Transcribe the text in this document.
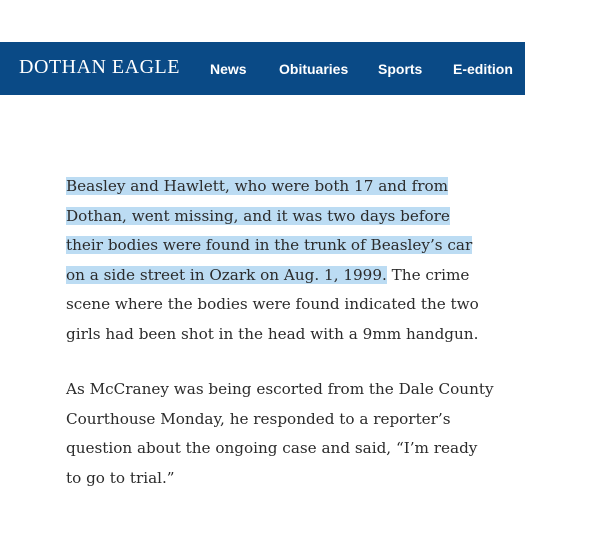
DOTHAN EAGLE News Obituaries Sports E-edition

Beasley and Hawlett, who were both 17 and from
Dothan, went missing, and it was two days before
their bodies were found in the trunk of Beasley’s car
on a side street in Ozark on Aug. 1, 1999. The crime
scene where the bodies were found indicated the two
girls had been shot in the head with a 9mm handgun.

As McCraney was being escorted from the Dale County
Courthouse Monday, he responded to a reporter’s
question about the ongoing case and said, “I’m ready
to go to trial.”
